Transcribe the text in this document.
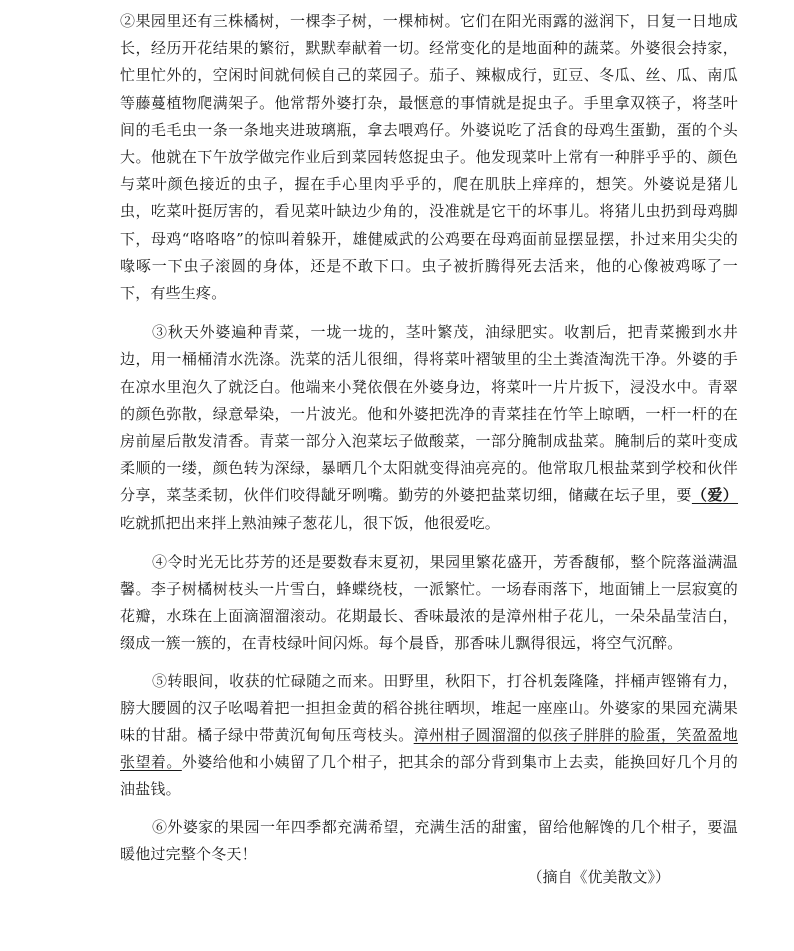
②果园里还有三株橘树，一棵李子树，一棵柿树。它们在阳光雨露的滋润下，日复一日地成长，经历开花结果的繁衍，默默奉献着一切。经常变化的是地面种的蔬菜。外婆很会持家，忙里忙外的，空闲时间就伺候自己的菜园子。茄子、辣椒成行，豇豆、冬瓜、丝、瓜、南瓜等藤蔓植物爬满架子。他常帮外婆打杂，最惬意的事情就是捉虫子。手里拿双筷子，将茎叶间的毛毛虫一条一条地夹进玻璃瓶，拿去喂鸡仔。外婆说吃了活食的母鸡生蛋勤，蛋的个头大。他就在下午放学做完作业后到菜园转悠捉虫子。他发现菜叶上常有一种胖乎乎的、颜色与菜叶颜色接近的虫子，握在手心里肉乎乎的，爬在肌肤上痒痒的，想笑。外婆说是猪儿虫，吃菜叶挺厉害的，看见菜叶缺边少角的，没准就是它干的坏事儿。将猪儿虫扔到母鸡脚下，母鸡“咯咯咯”的惊叫着躲开，雄健威武的公鸡要在母鸡面前显摆显摆，扑过来用尖尖的喙啄一下虫子滚圆的身体，还是不敢下口。虫子被折腾得死去活来，他的心像被鸡啄了一下，有些生疼。

③秋天外婆遍种青菜，一垅一垅的，茎叶繁茂，油绿肥实。收割后，把青菜搬到水井边，用一桶桶清水洗涤。洗菜的活儿很细，得将菜叶褶皱里的尘土粪渣淘洗干净。外婆的手在凉水里泡久了就泛白。他端来小凳依偎在外婆身边，将菜叶一片片扳下，浸没水中。青翠的颜色弥散，绿意晕染，一片波光。他和外婆把洗净的青菜挂在竹竿上晾晒，一杆一杆的在房前屋后散发清香。青菜一部分入泡菜坛子做酸菜，一部分腌制成盐菜。腌制后的菜叶变成柔顺的一缕，颜色转为深绿，暴晒几个太阳就变得油亮亮的。他常取几根盐菜到学校和伙伴分享，菜茎柔韧，伙伴们咬得龇牙咧嘴。勤劳的外婆把盐菜切细，储藏在坛子里，要（爱）吃就抓把出来拌上熟油辣子葱花儿，很下饭，他很爱吃。

④令时光无比芬芳的还是要数春末夏初，果园里繁花盛开，芳香馥郁，整个院落溢满温馨。李子树橘树枝头一片雪白，蜂蝶绕枝，一派繁忙。一场春雨落下，地面铺上一层寂寞的花瓣，水珠在上面滴溜溜滚动。花期最长、香味最浓的是漳州柑子花儿，一朵朵晶莹洁白，缀成一簇一簇的，在青枝绿叶间闪烁。每个晨昏，那香味儿飘得很远，将空气沉醉。

⑤转眼间，收获的忙碌随之而来。田野里，秋阳下，打谷机轰隆隆，拌桶声铿锵有力，膀大腰圆的汉子吆喝着把一担担金黄的稻谷挑往晒坝，堆起一座座山。外婆家的果园充满果味的甘甜。橘子绿中带黄沉甸甸压弯枝头。漳州柑子圆溜溜的似孩子胖胖的脸蛋，笑盈盈地张望着。外婆给他和小姨留了几个柑子，把其余的部分背到集市上去卖，能换回好几个月的油盐钱。

⑥外婆家的果园一年四季都充满希望，充满生活的甜蜜，留给他解馋的几个柑子，要温暖他过完整个冬天！

（摘自《优美散文》）
